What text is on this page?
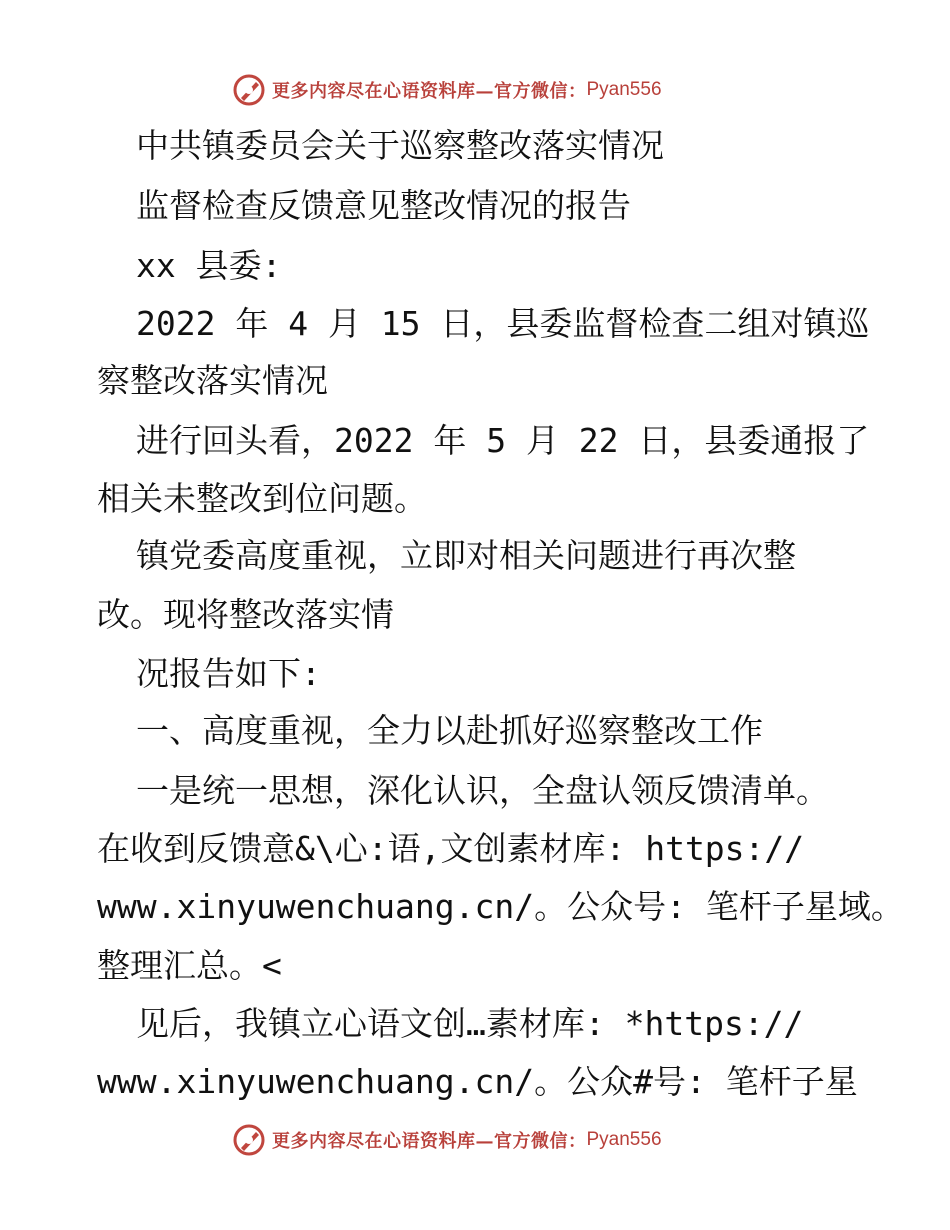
更多内容尽在心语资料库—官方微信： Pyan556
中共镇委员会关于巡察整改落实情况
监督检查反馈意见整改情况的报告
xx 县委:
2022 年 4 月 15 日，县委监督检查二组对镇巡
察整改落实情况
进行回头看，2022 年 5 月 22 日，县委通报了
相关未整改到位问题。
镇党委高度重视，立即对相关问题进行再次整
改。现将整改落实情
况报告如下:
一、高度重视，全力以赴抓好巡察整改工作
一是统一思想，深化认识，全盘认领反馈清单。
在收到反馈意&\心:语,文创素材库: https://
www.xinyuwenchuang.cn/。公众号: 笔杆子星域。
整理汇总。<
见后，我镇立心语文创…素材库: *https://
www.xinyuwenchuang.cn/。公众#号: 笔杆子星
更多内容尽在心语资料库—官方微信： Pyan556
